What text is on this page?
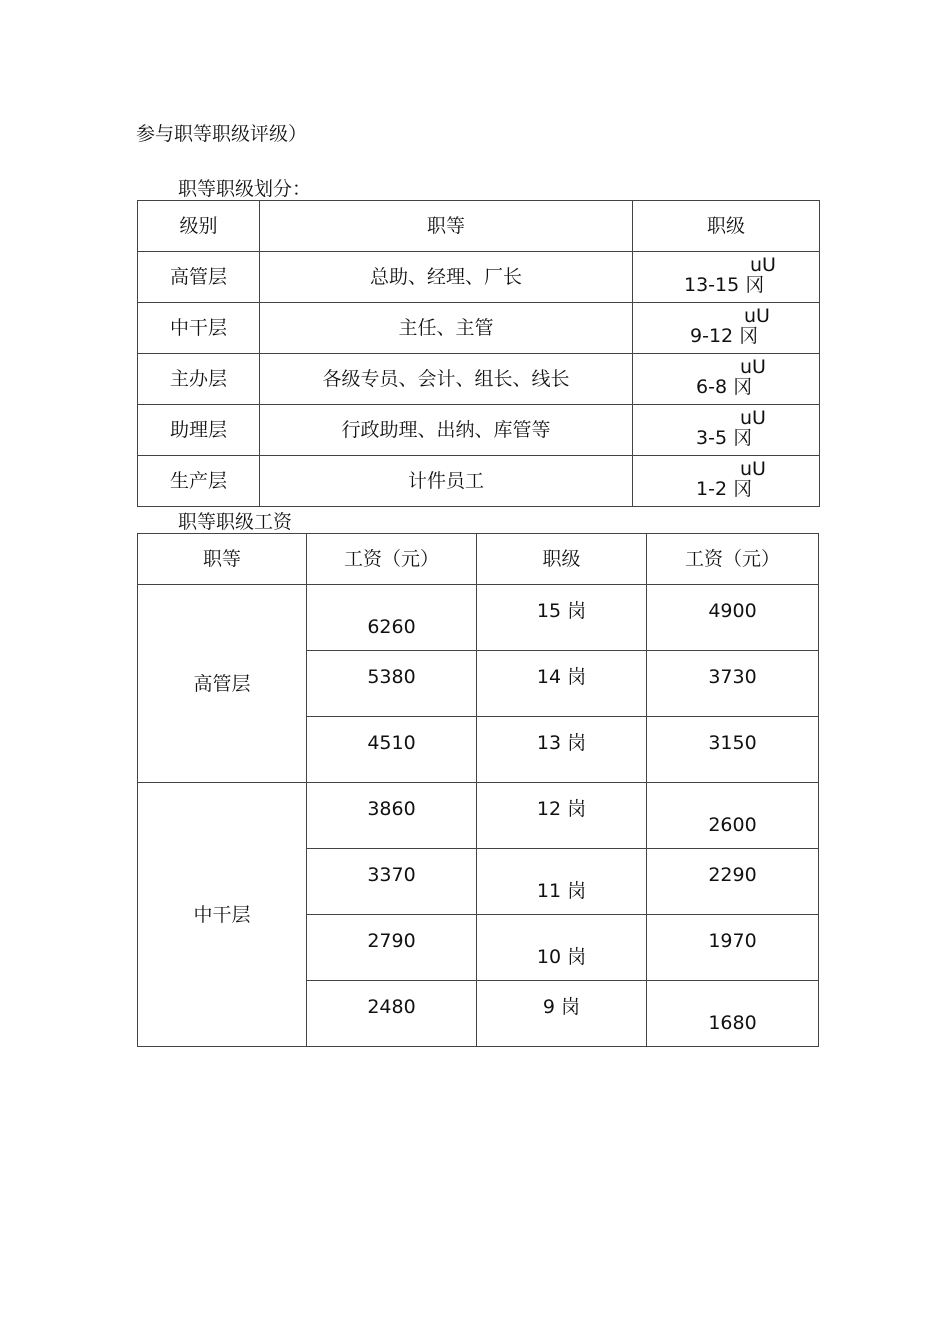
参与职等职级评级）
职等职级划分：
级别	职等	职级
高管层	总助、经理、厂长	uU
13-15 冈

中干层	主任、主管	uU
9-12 冈

主办层	各级专员、会计、组长、线长	uU
6-8 冈

助理层	行政助理、出纳、库管等	uU
3-5 冈

生产层	计件员工	uU
1-2 冈
职等职级工资
职等	工资（元）	职级	工资（元）
高管层	6260	15 岗	4900
	5380	14 岗	3730
	4510	13 岗	3150
中干层	3860	12 岗	2600
	3370	11 岗	2290
	2790	10 岗	1970
	2480	9 岗	1680
